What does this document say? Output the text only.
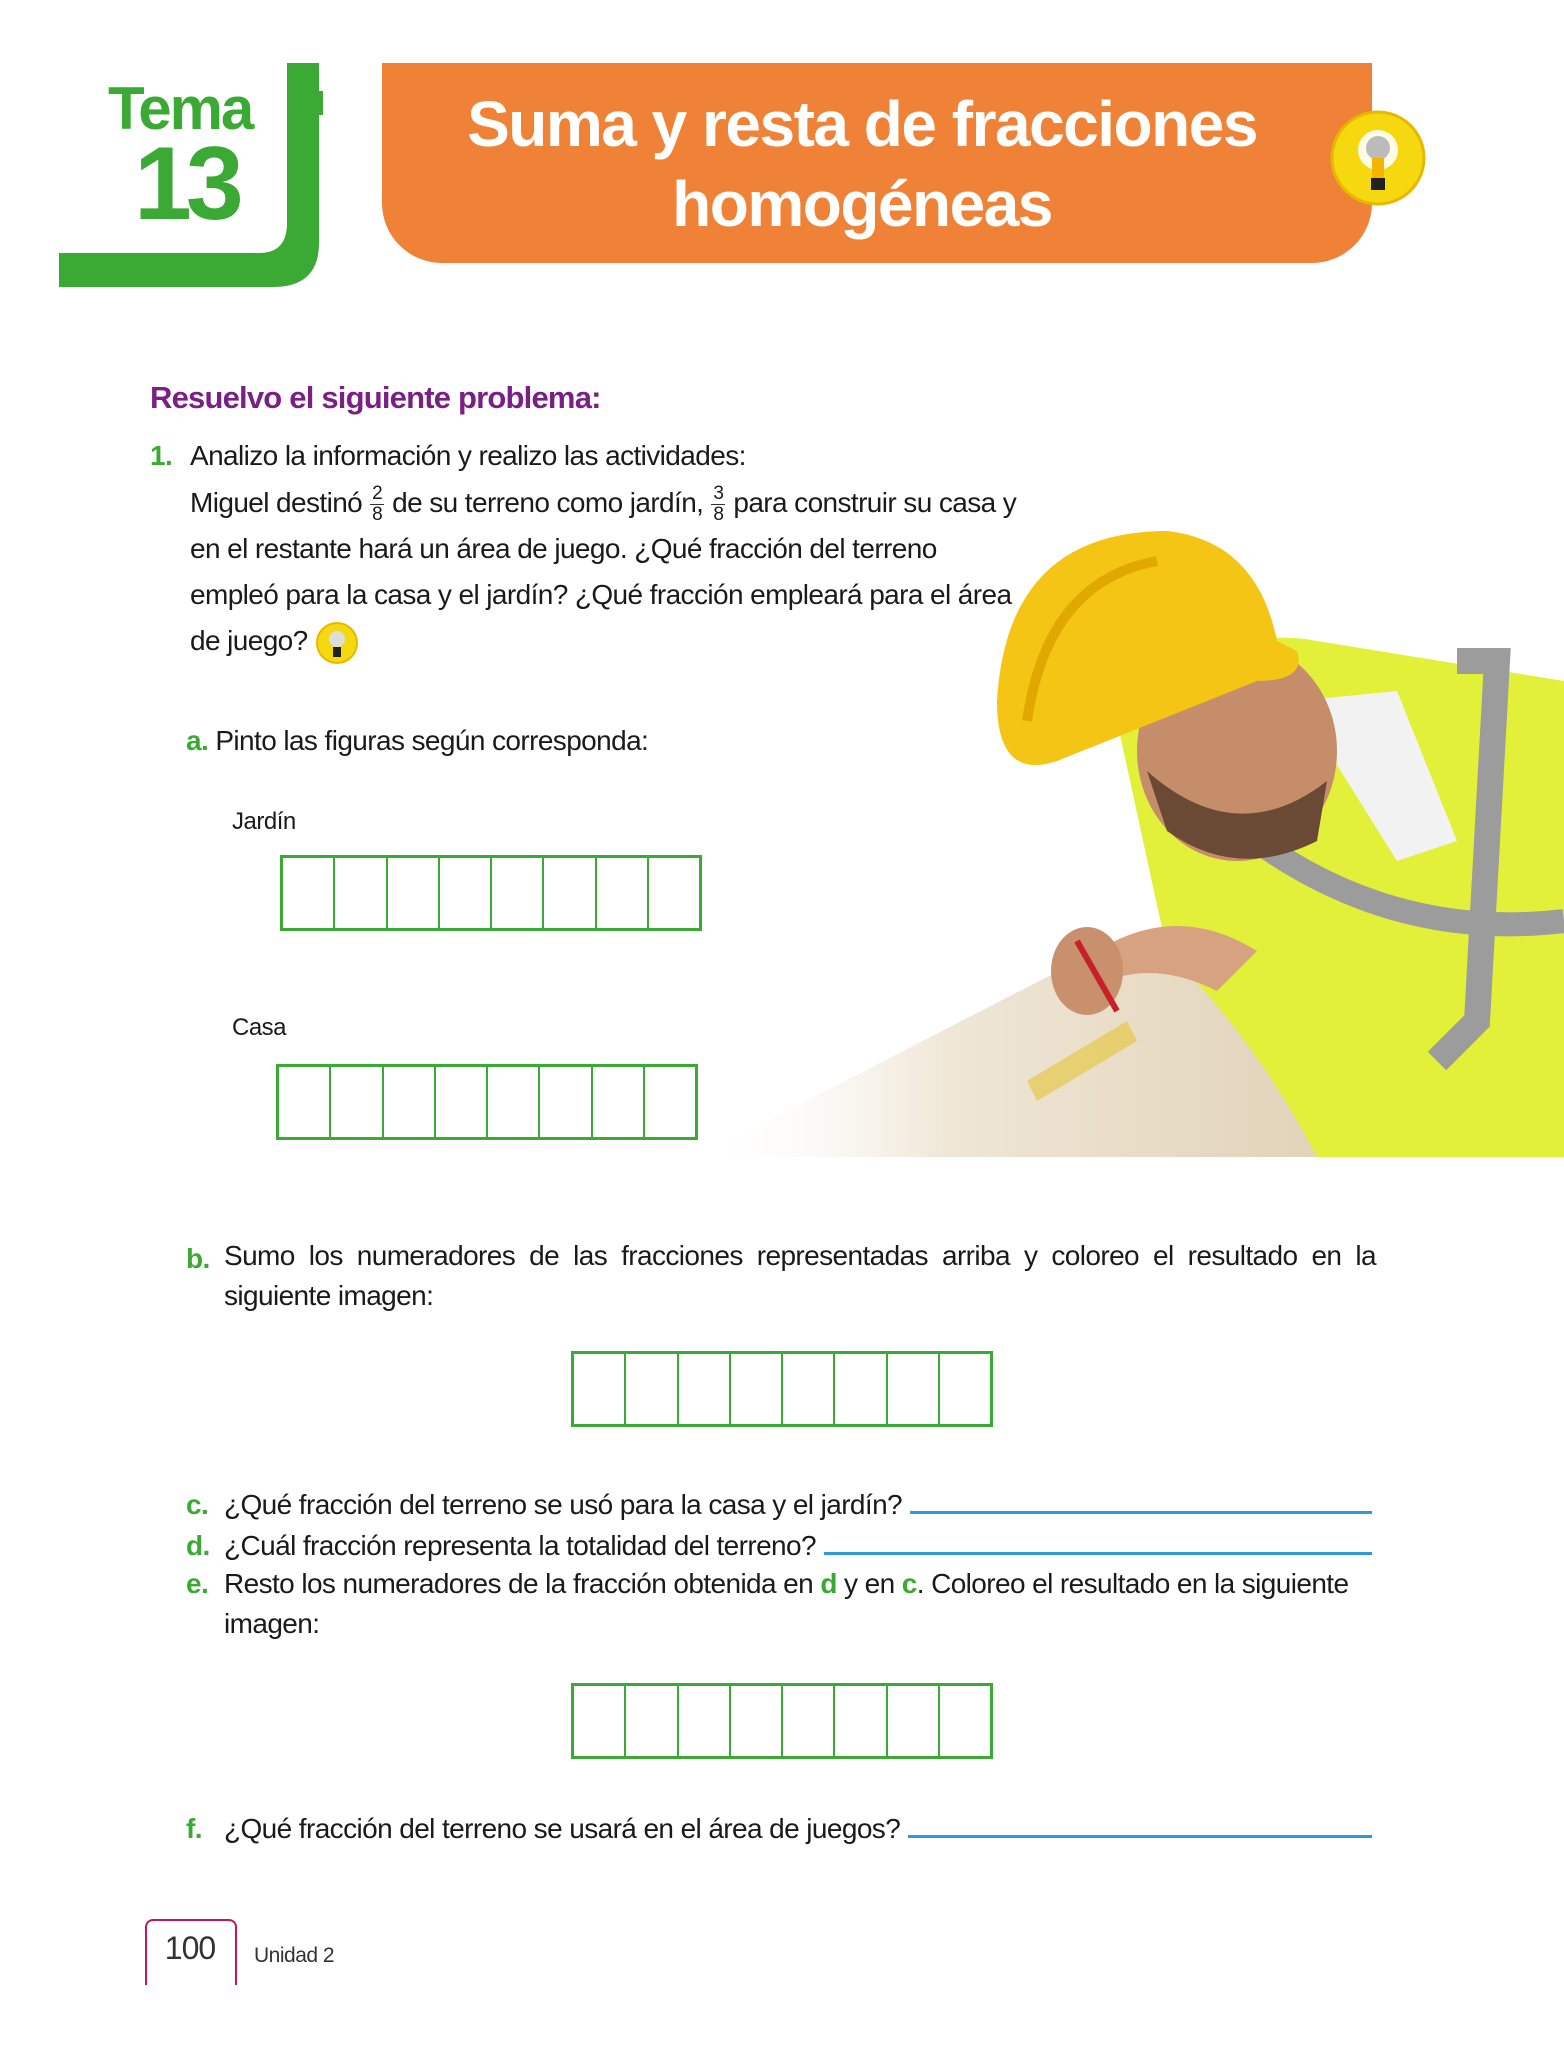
Tema
13
Suma y resta de fracciones
homogéneas
Resuelvo el siguiente problema:
1. Analizo la información y realizo las actividades:
Miguel destinó $\frac{2}{8}$ de su terreno como jardín, $\frac{3}{8}$ para construir su casa y en el restante hará un área de juego. ¿Qué fracción del terreno empleó para la casa y el jardín? ¿Qué fracción empleará para el área de juego?
a. Pinto las figuras según corresponda:
Jardín
Casa
b. Sumo los numeradores de las fracciones representadas arriba y coloreo el resultado en la siguiente imagen:
c. ¿Qué fracción del terreno se usó para la casa y el jardín?
d. ¿Cuál fracción representa la totalidad del terreno?
e. Resto los numeradores de la fracción obtenida en d y en c. Coloreo el resultado en la siguiente imagen:
f. ¿Qué fracción del terreno se usará en el área de juegos?
100	Unidad 2
